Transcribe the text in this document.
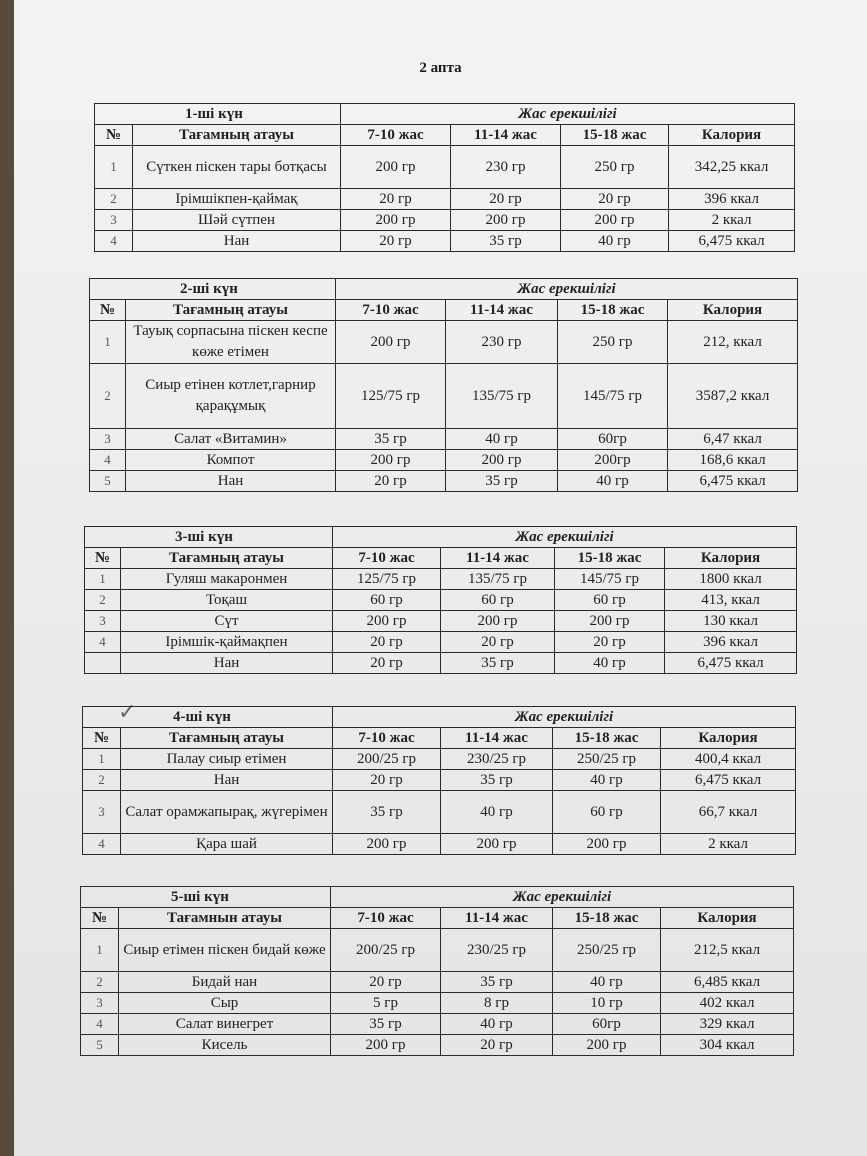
2 апта
✓
1-ші күн		Жас ерекшілігі			
№	Тағамның атауы	7-10 жас	11-14 жас	15-18 жас	Калория
1	Сүткен піскен тары ботқасы	200 гр	230 гр	250 гр	342,25 ккал
2	Ірімшікпен-қаймақ	20 гр	20 гр	20 гр	396 ккал
3	Шәй сүтпен	200 гр	200 гр	200 гр	2 ккал
4	Нан	20 гр	35 гр	40 гр	6,475 ккал
2-ші күн		Жас ерекшілігі			
№	Тағамның атауы	7-10 жас	11-14 жас	15-18 жас	Калория
1	Тауық сорпасына піскен кеспе көже етімен	200 гр	230 гр	250 гр	212, ккал
2	Сиыр етінен котлет,гарнир қарақұмық	125/75 гр	135/75 гр	145/75 гр	3587,2 ккал
3	Салат «Витамин»	35 гр	40 гр	60гр	6,47 ккал
4	Компот	200 гр	200 гр	200гр	168,6 ккал
5	Нан	20 гр	35 гр	40 гр	6,475 ккал
3-ші күн		Жас ерекшілігі			
№	Тағамның атауы	7-10 жас	11-14 жас	15-18 жас	Калория
1	Гуляш макаронмен	125/75 гр	135/75 гр	145/75 гр	1800 ккал
2	Тоқаш	60 гр	60 гр	60 гр	413, ккал
3	Сүт	200 гр	200 гр	200 гр	130 ккал
4	Ірімшік-қаймақпен	20 гр	20 гр	20 гр	396 ккал
	Нан	20 гр	35 гр	40 гр	6,475 ккал
4-ші күн		Жас ерекшілігі			
№	Тағамның атауы	7-10 жас	11-14 жас	15-18 жас	Калория
1	Палау сиыр етімен	200/25 гр	230/25 гр	250/25 гр	400,4 ккал
2	Нан	20 гр	35 гр	40 гр	6,475 ккал
3	Салат орамжапырақ, жүгерімен	35 гр	40 гр	60 гр	66,7 ккал
4	Қара шай	200 гр	200 гр	200 гр	2 ккал
5-ші күн		Жас ерекшілігі			
№	Тағамнын атауы	7-10 жас	11-14 жас	15-18 жас	Калория
1	Сиыр етімен піскен бидай көже	200/25 гр	230/25 гр	250/25 гр	212,5 ккал
2	Бидай нан	20 гр	35 гр	40 гр	6,485 ккал
3	Сыр	5 гр	8 гр	10 гр	402 ккал
4	Салат винегрет	35 гр	40 гр	60гр	329 ккал
5	Кисель	200 гр	20 гр	200 гр	304 ккал
